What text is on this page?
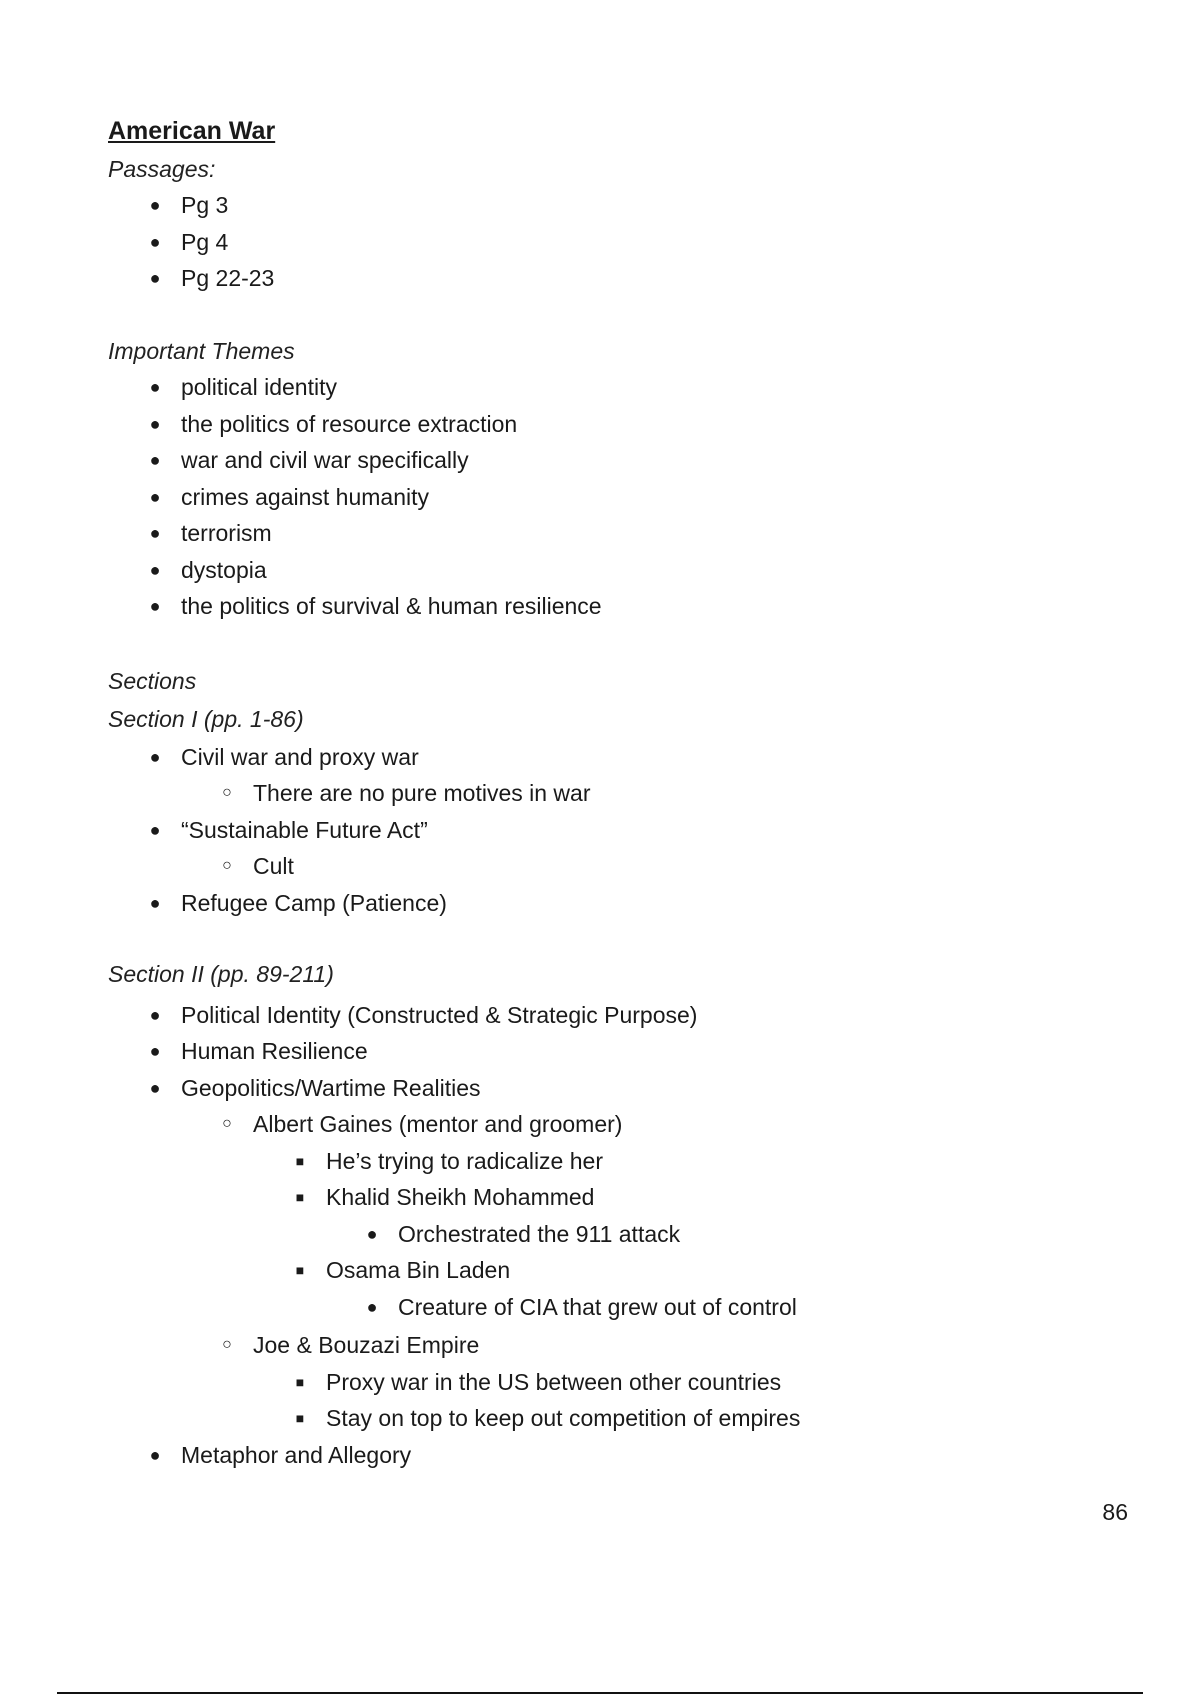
American War

Passages:

● Pg 3
● Pg 4
● Pg 22-23

Important Themes

● political identity
● the politics of resource extraction
● war and civil war specifically
● crimes against humanity
● terrorism
● dystopia
● the politics of survival & human resilience

Sections

Section I (pp. 1-86)

● Civil war and proxy war
○ There are no pure motives in war
● “Sustainable Future Act”
○ Cult
● Refugee Camp (Patience)

Section II (pp. 89-211)

● Political Identity (Constructed & Strategic Purpose)
● Human Resilience
● Geopolitics/Wartime Realities
○ Albert Gaines (mentor and groomer)
■ He’s trying to radicalize her
■ Khalid Sheikh Mohammed
● Orchestrated the 911 attack
■ Osama Bin Laden
● Creature of CIA that grew out of control
○ Joe & Bouzazi Empire
■ Proxy war in the US between other countries
■ Stay on top to keep out competition of empires
● Metaphor and Allegory
86
